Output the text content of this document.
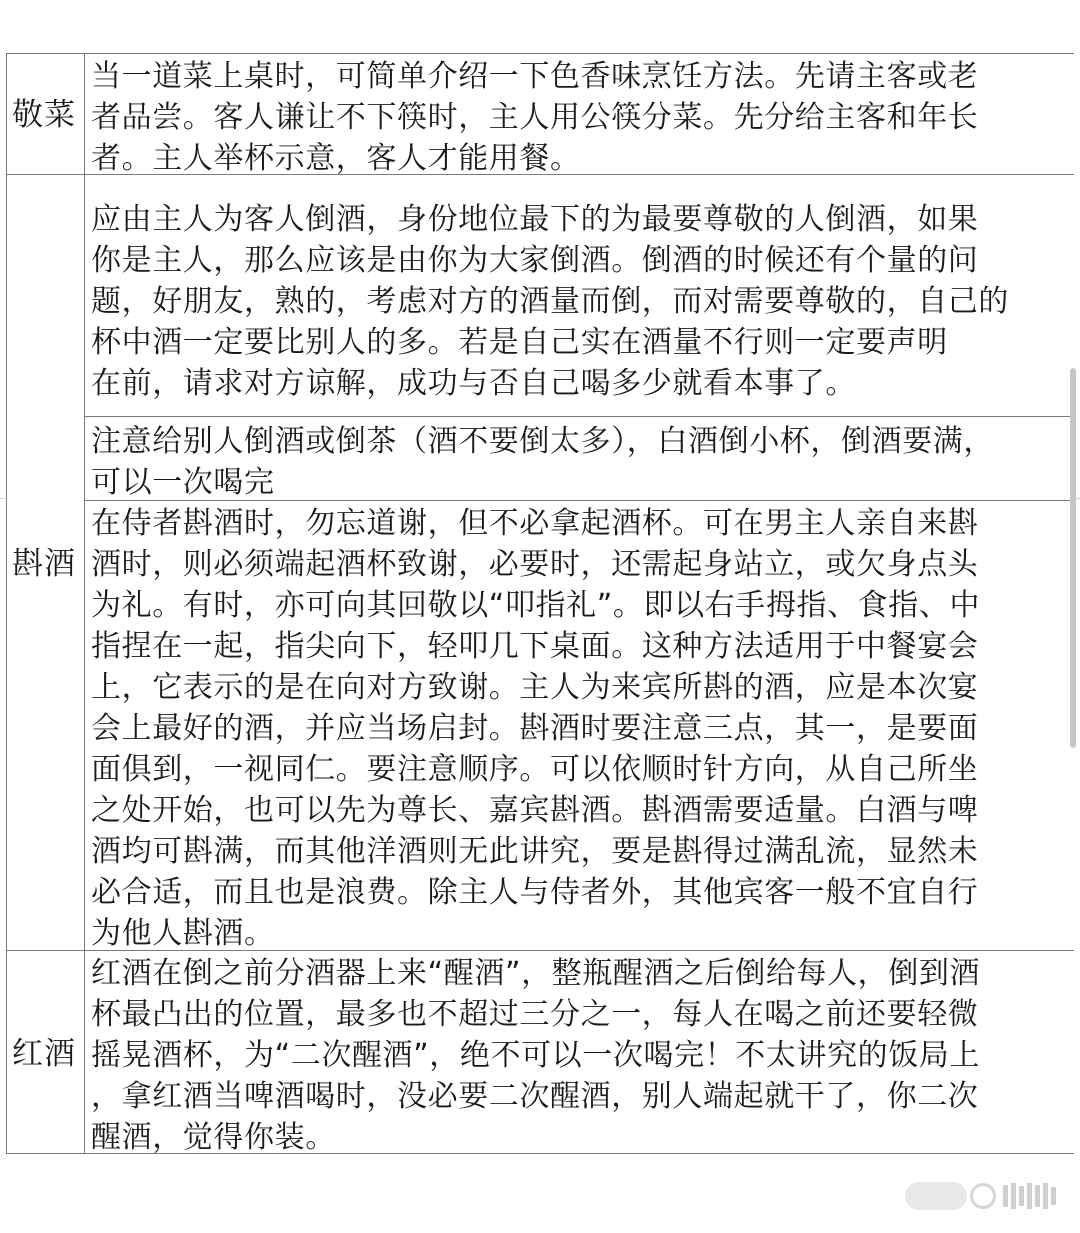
敬菜
当一道菜上桌时，可简单介绍一下色香味烹饪方法。先请主客或老
者品尝。客人谦让不下筷时，主人用公筷分菜。先分给主客和年长
者。主人举杯示意，客人才能用餐。
斟酒
应由主人为客人倒酒，身份地位最下的为最要尊敬的人倒酒，如果
你是主人，那么应该是由你为大家倒酒。倒酒的时候还有个量的问
题，好朋友，熟的，考虑对方的酒量而倒，而对需要尊敬的，自己的
杯中酒一定要比别人的多。若是自己实在酒量不行则一定要声明
在前，请求对方谅解，成功与否自己喝多少就看本事了。
注意给别人倒酒或倒茶（酒不要倒太多），白酒倒小杯，倒酒要满，
可以一次喝完
在侍者斟酒时，勿忘道谢，但不必拿起酒杯。可在男主人亲自来斟
酒时，则必须端起酒杯致谢，必要时，还需起身站立，或欠身点头
为礼。有时，亦可向其回敬以“叩指礼”。即以右手拇指、食指、中
指捏在一起，指尖向下，轻叩几下桌面。这种方法适用于中餐宴会
上，它表示的是在向对方致谢。主人为来宾所斟的酒，应是本次宴
会上最好的酒，并应当场启封。斟酒时要注意三点，其一，是要面
面俱到，一视同仁。要注意顺序。可以依顺时针方向，从自己所坐
之处开始，也可以先为尊长、嘉宾斟酒。斟酒需要适量。白酒与啤
酒均可斟满，而其他洋酒则无此讲究，要是斟得过满乱流，显然未
必合适，而且也是浪费。除主人与侍者外，其他宾客一般不宜自行
为他人斟酒。
红酒
红酒在倒之前分酒器上来“醒酒”，整瓶醒酒之后倒给每人，倒到酒
杯最凸出的位置，最多也不超过三分之一，每人在喝之前还要轻微
摇晃酒杯，为“二次醒酒”，绝不可以一次喝完！不太讲究的饭局上
，拿红酒当啤酒喝时，没必要二次醒酒，别人端起就干了，你二次
醒酒，觉得你装。
